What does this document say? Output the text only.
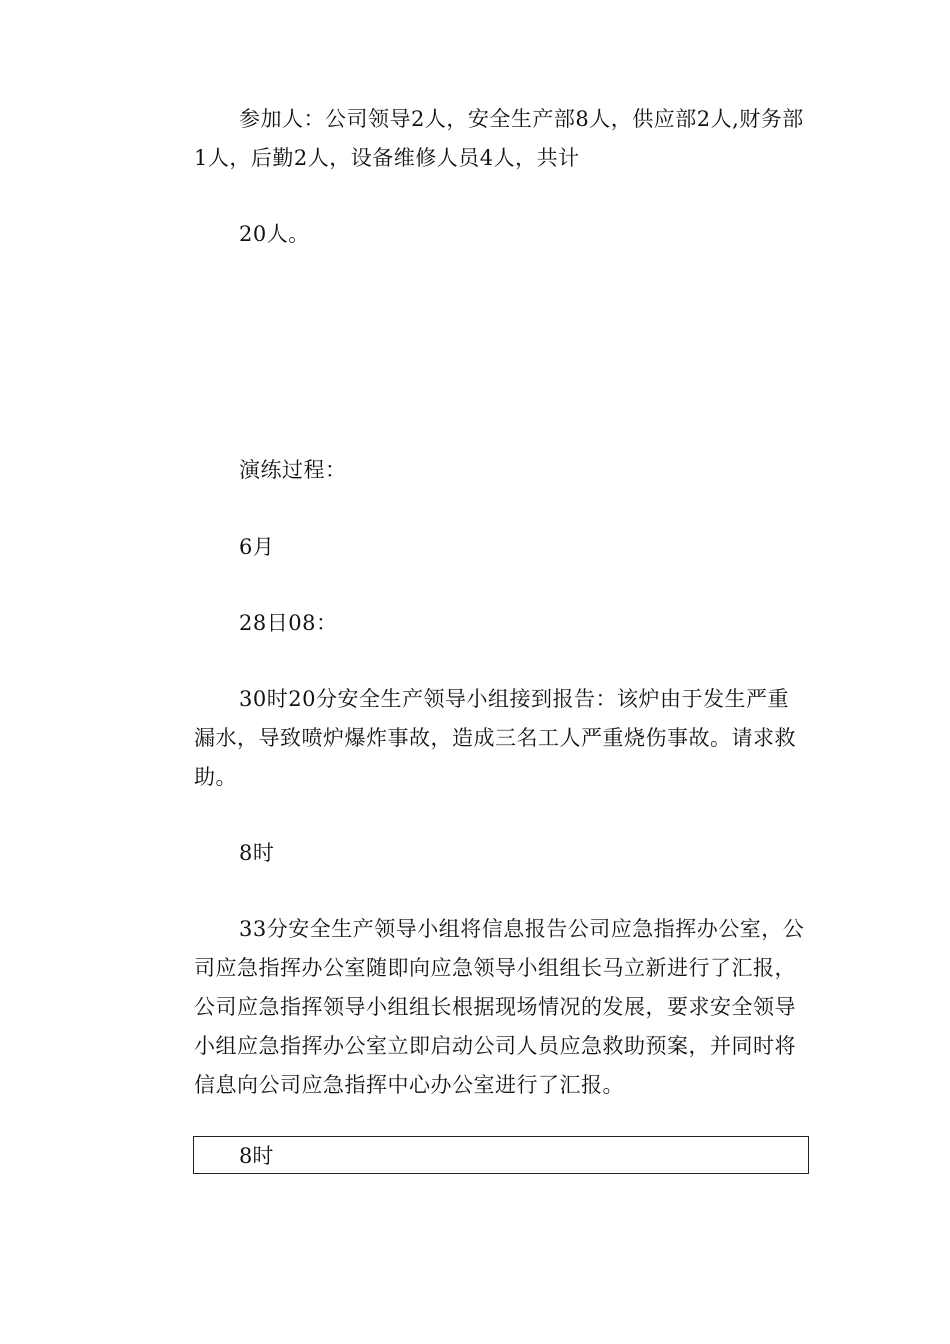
参加人：公司领导2人，安全生产部8人，供应部2人,财务部1人，后勤2人，设备维修人员4人，共计

20人。

演练过程：

6月

28日08：

30时20分安全生产领导小组接到报告：该炉由于发生严重漏水，导致喷炉爆炸事故，造成三名工人严重烧伤事故。请求救助。

8时

33分安全生产领导小组将信息报告公司应急指挥办公室，公司应急指挥办公室随即向应急领导小组组长马立新进行了汇报，公司应急指挥领导小组组长根据现场情况的发展，要求安全领导小组应急指挥办公室立即启动公司人员应急救助预案，并同时将信息向公司应急指挥中心办公室进行了汇报。

8时
